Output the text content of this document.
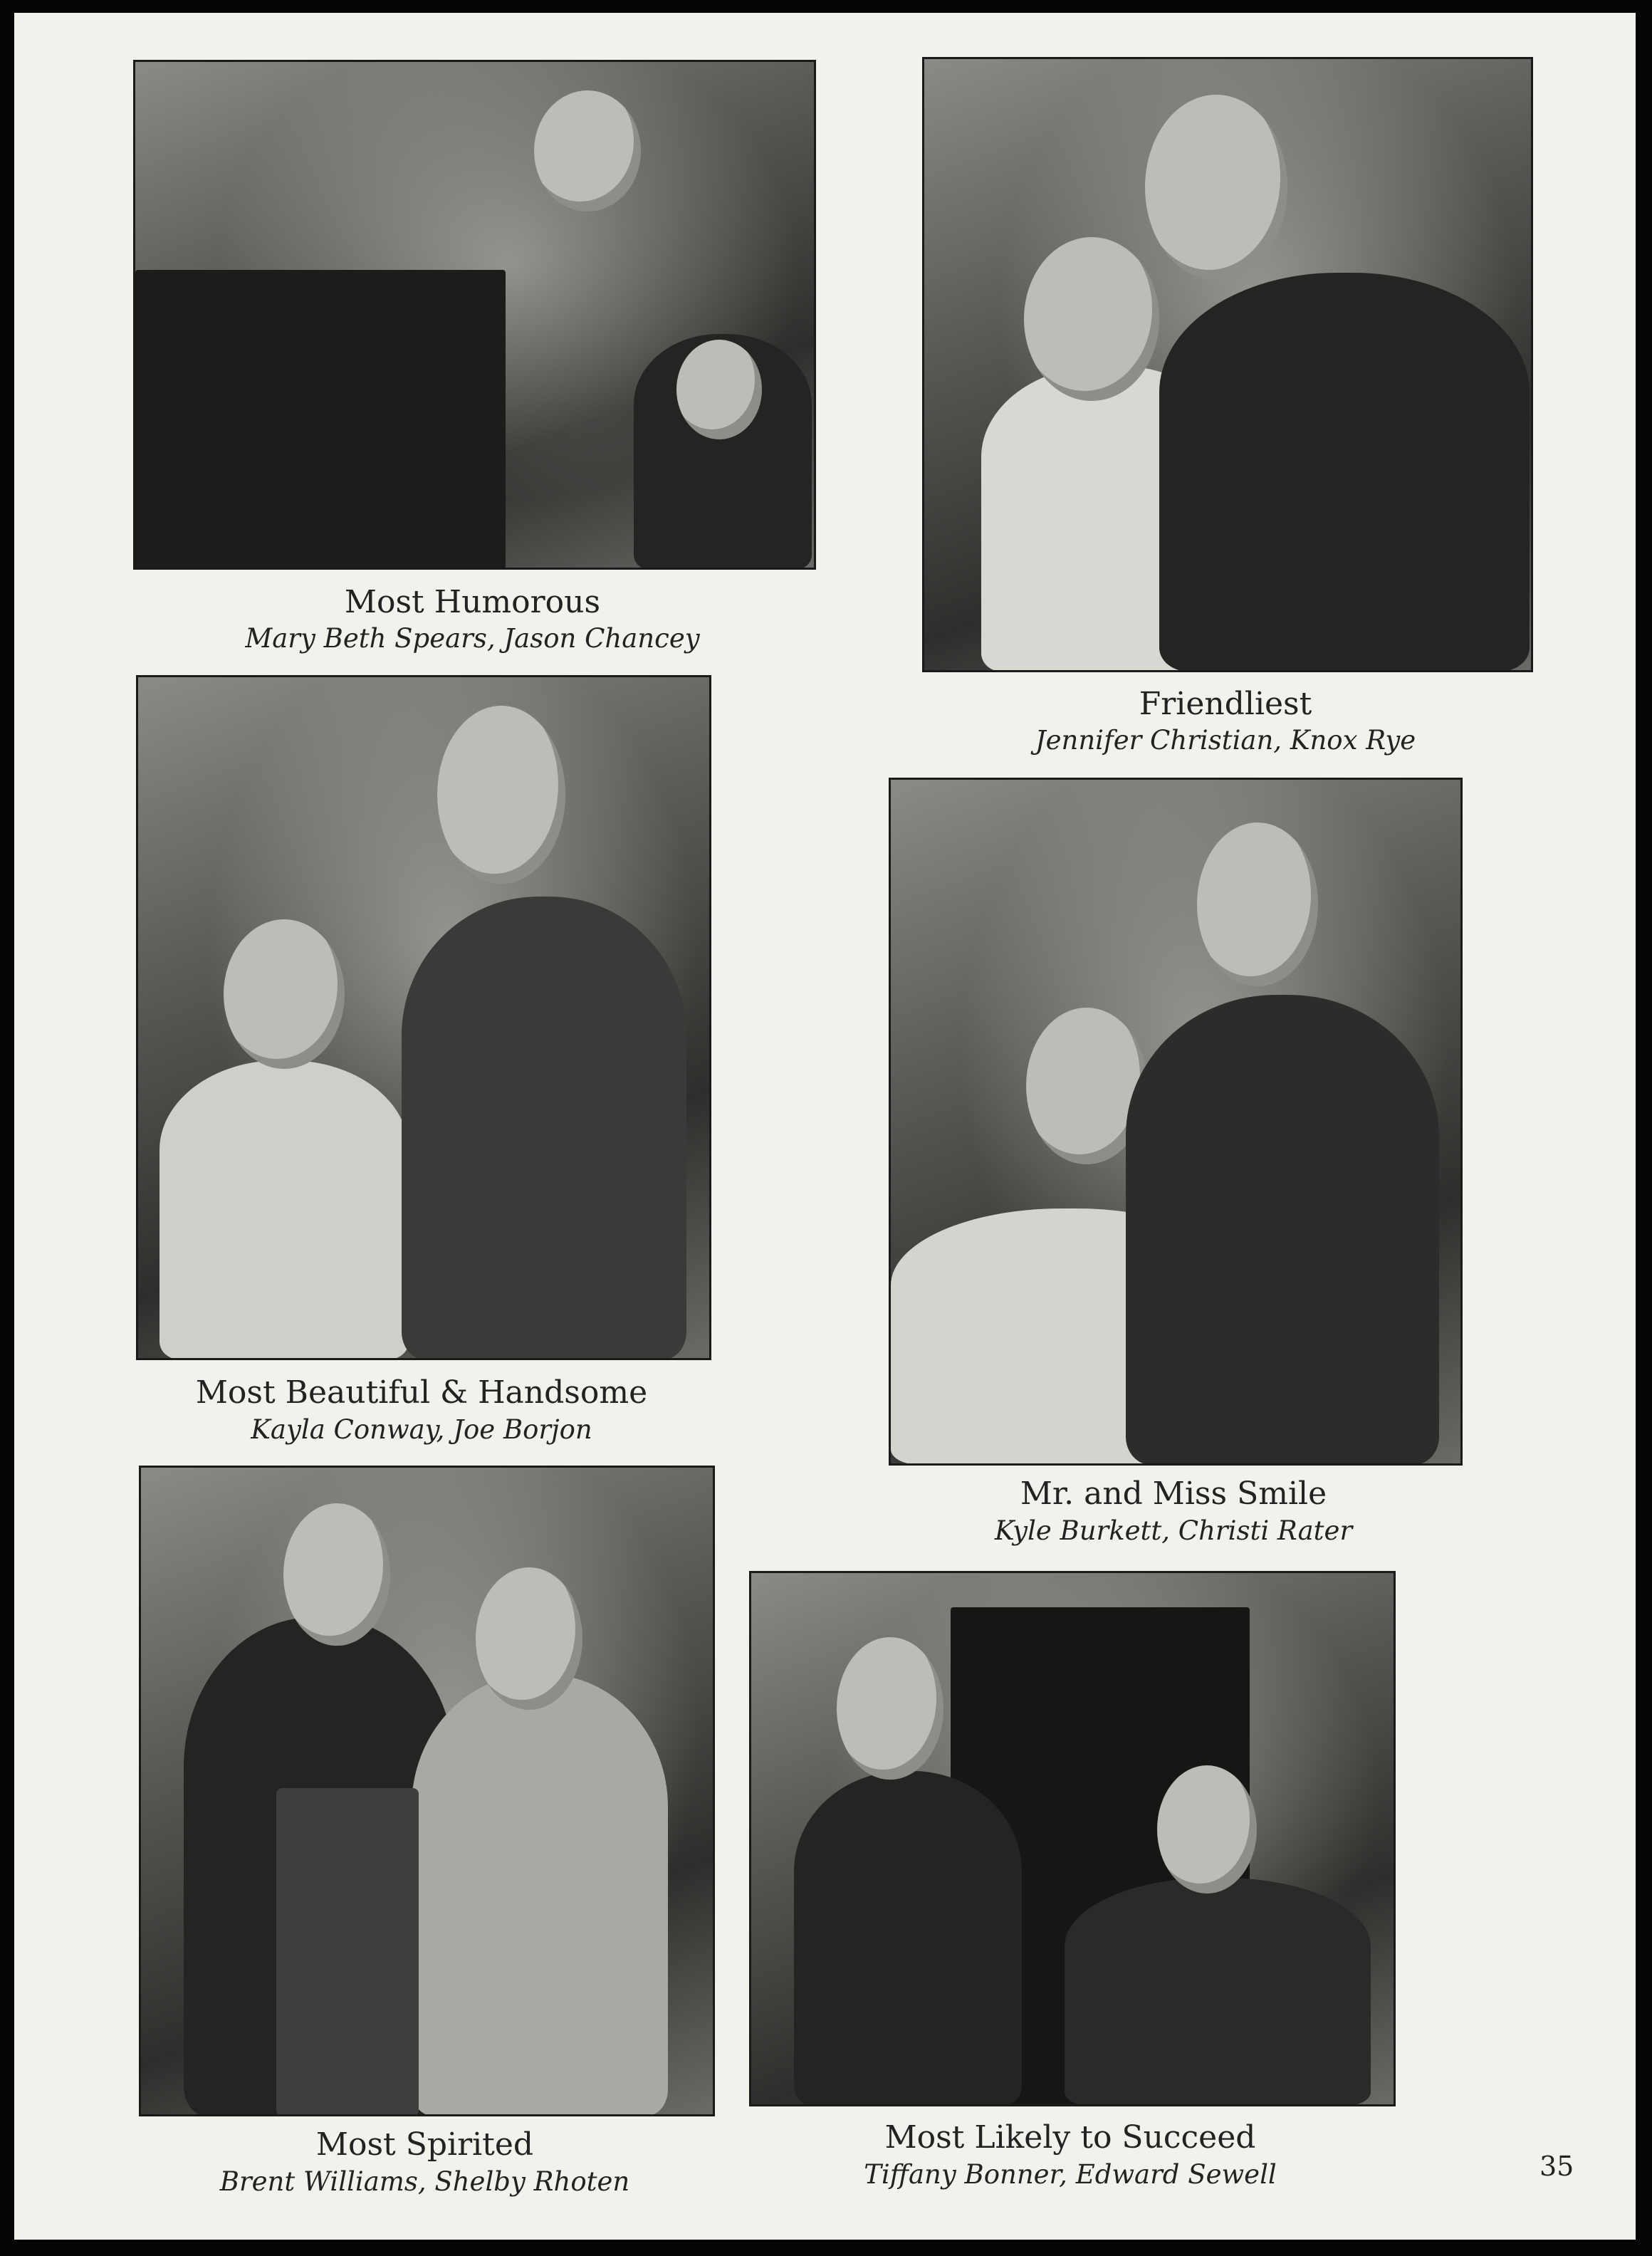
Most Humorous
Mary Beth Spears, Jason Chancey
Friendliest
Jennifer Christian, Knox Rye
Most Beautiful & Handsome
Kayla Conway, Joe Borjon
Mr. and Miss Smile
Kyle Burkett, Christi Rater
Most Spirited
Brent Williams, Shelby Rhoten
Most Likely to Succeed
Tiffany Bonner, Edward Sewell	35
